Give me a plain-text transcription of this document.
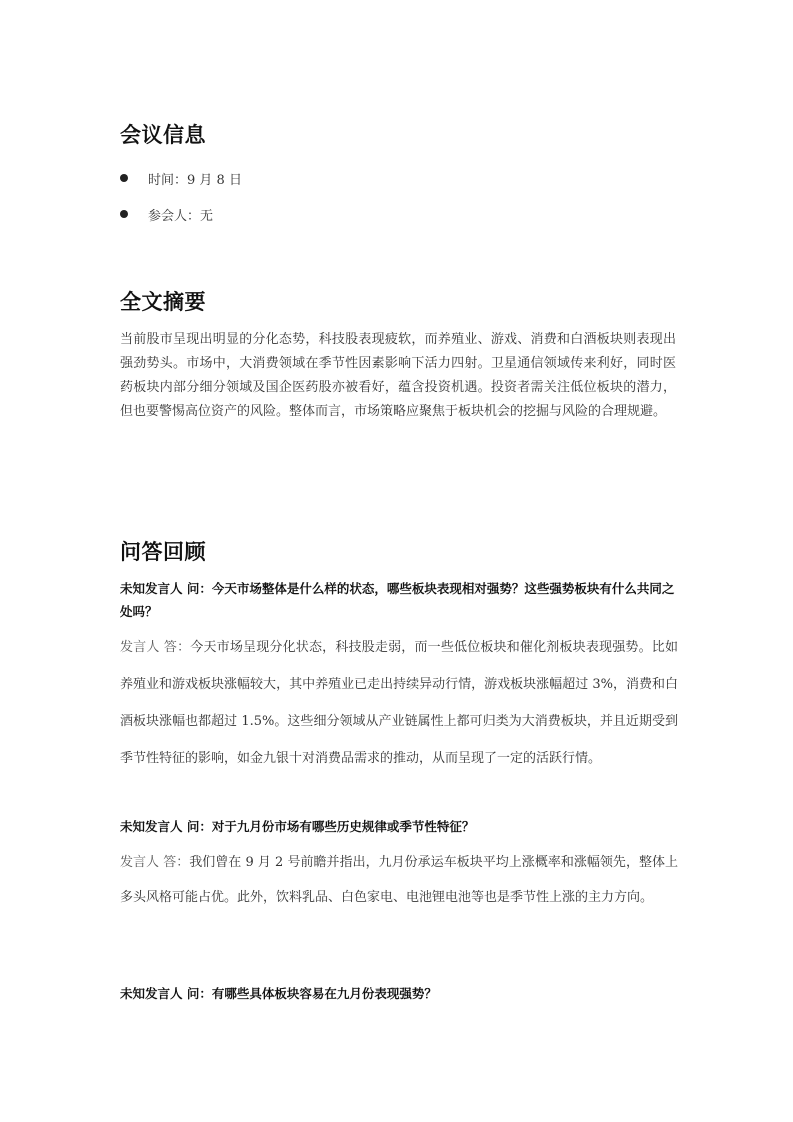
会议信息
时间：9 月 8 日
参会人：无
全文摘要

当前股市呈现出明显的分化态势，科技股表现疲软，而养殖业、游戏、消费和白酒板块则表现出强劲势头。市场中，大消费领域在季节性因素影响下活力四射。卫星通信领域传来利好，同时医药板块内部分细分领域及国企医药股亦被看好，蕴含投资机遇。投资者需关注低位板块的潜力，但也要警惕高位资产的风险。整体而言，市场策略应聚焦于板块机会的挖掘与风险的合理规避。

问答回顾

未知发言人 问：今天市场整体是什么样的状态，哪些板块表现相对强势？这些强势板块有什么共同之处吗？

发言人 答：今天市场呈现分化状态，科技股走弱，而一些低位板块和催化剂板块表现强势。比如养殖业和游戏板块涨幅较大，其中养殖业已走出持续异动行情，游戏板块涨幅超过 3%，消费和白酒板块涨幅也都超过 1.5%。这些细分领域从产业链属性上都可归类为大消费板块，并且近期受到季节性特征的影响，如金九银十对消费品需求的推动，从而呈现了一定的活跃行情。

未知发言人 问：对于九月份市场有哪些历史规律或季节性特征？

发言人 答：我们曾在 9 月 2 号前瞻并指出，九月份承运车板块平均上涨概率和涨幅领先，整体上多头风格可能占优。此外，饮料乳品、白色家电、电池锂电池等也是季节性上涨的主力方向。

未知发言人 问：有哪些具体板块容易在九月份表现强势？
